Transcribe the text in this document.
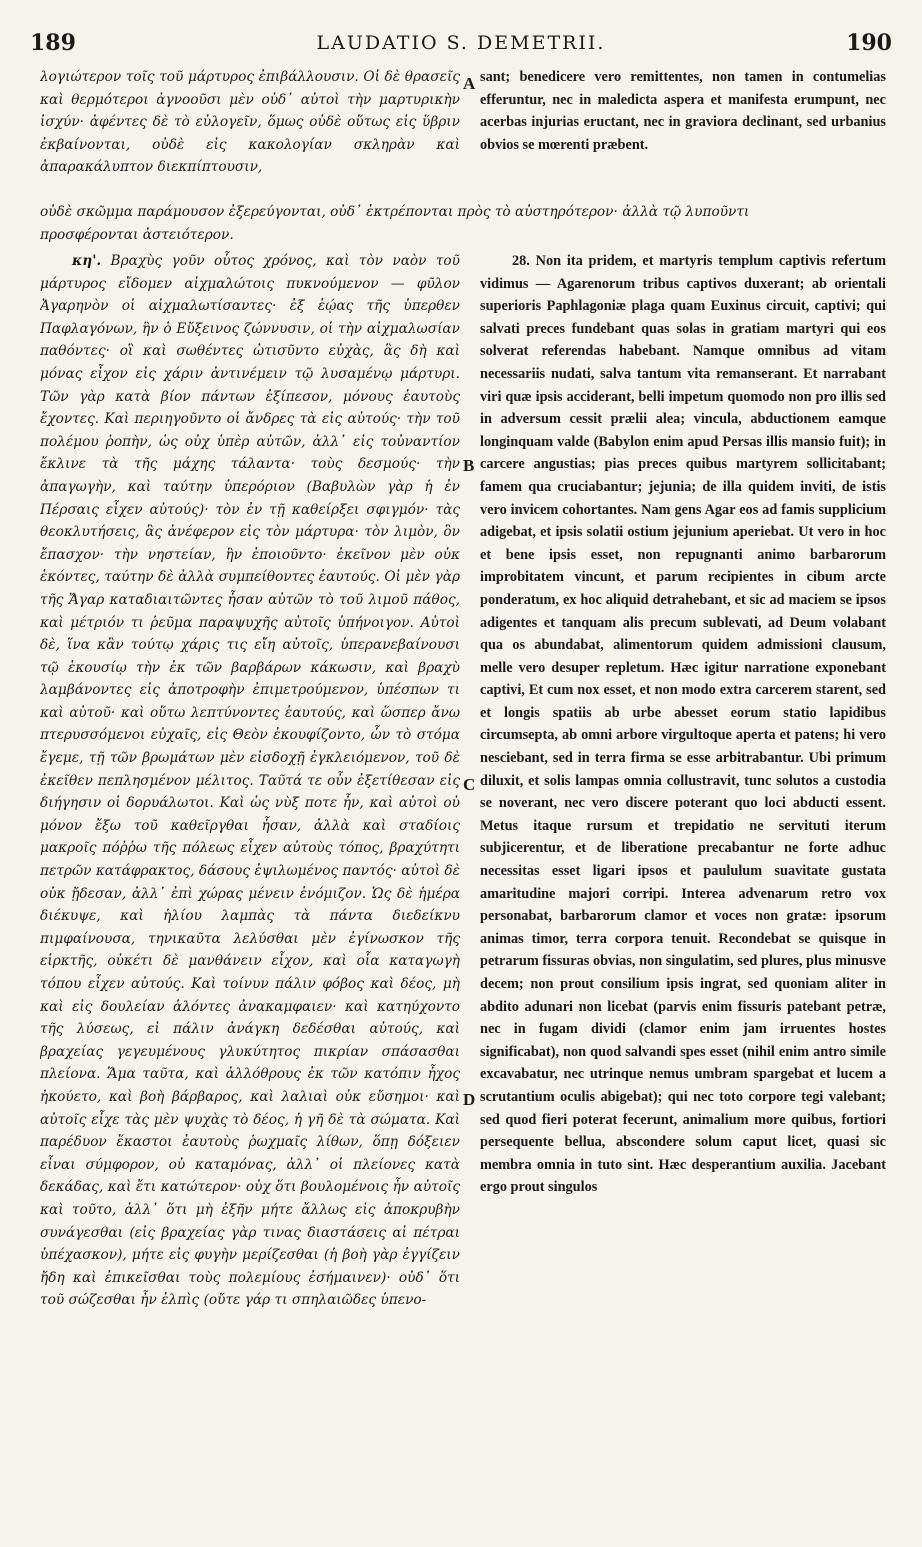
189	LAUDATIO S. DEMETRII.	190

λογιώτερον τοῖς τοῦ μάρτυρος ἐπιβάλλουσιν. Οἱ δὲ θρασεῖς καὶ θερμότεροι ἀγνοοῦσι μὲν οὐδ᾽ αὐτοὶ τὴν μαρτυρικὴν ἰσχύν· ἀφέντες δὲ τὸ εὐλογεῖν, ὅμως οὐδὲ οὕτως εἰς ὕβριν ἐκβαίνονται, οὐδὲ εἰς κακολογίαν σκληρὰν καὶ ἀπαρακάλυπτον διεκπίπτουσιν,

sant; benedicere vero remittentes, non tamen in contumelias efferuntur, nec in maledicta aspera et manifesta erumpunt, nec acerbas injurias eructant, nec in graviora declinant, sed urbanius obvios se mœrenti præbent.

οὐδὲ σκῶμμα παράμουσον ἐξερεύγονται, οὐδ᾽ ἐκτρέπονται πρὸς τὸ αὐστηρότερον· ἀλλὰ τῷ λυποῦντι
προσφέρονται ἀστειότερον.

κη'. Βραχὺς γοῦν οὗτος χρόνος, καὶ τὸν ναὸν τοῦ μάρτυρος εἴδομεν αἰχμαλώτοις πυκνούμενον — φῦλον Ἀγαρηνὸν οἱ αἰχμαλωτίσαντες· ἐξ ἑῴας τῆς ὑπερθεν Παφλαγόνων, ἣν ὁ Εὔξεινος ζώννυσιν, οἱ τὴν αἰχμαλωσίαν παθόντες· οἳ καὶ σωθέντες ὠτισῦντο εὐχὰς, ἃς δὴ καὶ μόνας εἶχον εἰς χάριν ἀντινέμειν τῷ λυσαμένῳ μάρτυρι. Τῶν γὰρ κατὰ βίον πάντων ἐξίπεσον, μόνους ἑαυτοὺς ἔχοντες. Καὶ περιηγοῦντο οἱ ἄνδρες τὰ εἰς αὐτούς· τὴν τοῦ πολέμου ῥοπὴν, ὡς οὐχ ὑπὲρ αὐτῶν, ἀλλ᾽ εἰς τοὐναντίον ἔκλινε τὰ τῆς μάχης τάλαντα· τοὺς δεσμούς· τὴν ἀπαγωγὴν, καὶ ταύτην ὑπερόριον (Βαβυλὼν γὰρ ἡ ἐν Πέρσαις εἶχεν αὐτούς)· τὸν ἐν τῇ καθείρξει σφιγμόν· τὰς θεοκλυτήσεις, ἃς ἀνέφερον εἰς τὸν μάρτυρα· τὸν λιμὸν, ὃν ἔπασχον· τὴν νηστείαν, ἣν ἐποιοῦντο· ἐκεῖνον μὲν οὐκ ἑκόντες, ταύτην δὲ ἀλλὰ συμπείθοντες ἑαυτούς. Οἱ μὲν γὰρ τῆς Ἄγαρ καταδιαιτῶντες ἦσαν αὐτῶν τὸ τοῦ λιμοῦ πάθος, καὶ μέτριόν τι ῥεῦμα παραψυχῆς αὐτοῖς ὑπήνοιγον. Αὐτοὶ δὲ, ἵνα κἂν τούτῳ χάρις τις εἴη αὐτοῖς, ὑπερανεβαίνουσι τῷ ἑκουσίῳ τὴν ἐκ τῶν βαρβάρων κάκωσιν, καὶ βραχὺ λαμβάνοντες εἰς ἀποτροφὴν ἐπιμετρούμενον, ὑπέσπων τι καὶ αὐτοῦ· καὶ οὕτω λεπτύνοντες ἑαυτούς, καὶ ὥσπερ ἄνω πτερυσσόμενοι εὐχαῖς, εἰς Θεὸν ἐκουφίζοντο, ὧν τὸ στόμα ἔγεμε, τῇ τῶν βρωμάτων μὲν εἰσδοχῇ ἐγκλειόμενον, τοῦ δὲ ἐκεῖθεν πεπλησμένον μέλιτος. Ταῦτά τε οὖν ἐξετίθεσαν εἰς διήγησιν οἱ δορυάλωτοι. Καὶ ὡς νὺξ ποτε ἦν, καὶ αὐτοὶ οὐ μόνον ἔξω τοῦ καθεῖργθαι ἦσαν, ἀλλὰ καὶ σταδίοις μακροῖς πόῤῥω τῆς πόλεως εἶχεν αὐτοὺς τόπος, βραχύτητι πετρῶν κατάφρακτος, δάσους ἐψιλωμένος παντός· αὐτοὶ δὲ οὐκ ᾔδεσαν, ἀλλ᾽ ἐπὶ χώρας μένειν ἐνόμιζον. Ὡς δὲ ἡμέρα διέκυψε, καὶ ἡλίου λαμπὰς τὰ πάντα διεδείκνυ πιμφαίνουσα, τηνικαῦτα λελύσθαι μὲν ἐγίνωσκον τῆς εἱρκτῆς, οὐκέτι δὲ μανθάνειν εἶχον, καὶ οἷα καταγωγὴ τόπου εἶχεν αὐτούς. Καὶ τοίνυν πάλιν φόβος καὶ δέος, μὴ καὶ εἰς δουλείαν ἁλόντες ἀνακαμφαιεν· καὶ κατηύχοντο τῆς λύσεως, εἰ πάλιν ἀνάγκη δεδέσθαι αὐτούς, καὶ βραχείας γεγευμένους γλυκύτητος πικρίαν σπάσασθαι πλείονα. Ἅμα ταῦτα, καὶ ἀλλόθρους ἐκ τῶν κατόπιν ἦχος ἠκούετο, καὶ βοὴ βάρβαρος, καὶ λαλιαὶ οὐκ εὔσημοι· καὶ αὐτοῖς εἶχε τὰς μὲν ψυχὰς τὸ δέος, ἡ γῆ δὲ τὰ σώματα. Καὶ παρέδυον ἕκαστοι ἑαυτοὺς ῥωχμαῖς λίθων, ὅπῃ δόξειεν εἶναι σύμφορον, οὐ καταμόνας, ἀλλ᾽ οἱ πλείονες κατὰ δεκάδας, καὶ ἔτι κατώτερον· οὐχ ὅτι βουλομένοις ἦν αὐτοῖς καὶ τοῦτο, ἀλλ᾽ ὅτι μὴ ἐξῆν μήτε ἄλλως εἰς ἀποκρυβὴν συνάγεσθαι (εἰς βραχείας γὰρ τινας διαστάσεις αἱ πέτραι ὑπέχασκον), μήτε εἰς φυγὴν μερίζεσθαι (ἡ βοὴ γὰρ ἐγγίζειν ἤδη καὶ ἐπικεῖσθαι τοὺς πολεμίους ἐσήμαινεν)· οὐδ᾽ ὅτι τοῦ σώζεσθαι ἦν ἐλπὶς (οὔτε γάρ τι σπηλαιῶδες ὑπενο-

28. Non ita pridem, et martyris templum captivis refertum vidimus — Agarenorum tribus captivos duxerant; ab orientali superioris Paphlagoniæ plaga quam Euxinus circuit, captivi; qui salvati preces fundebant quas solas in gratiam martyri qui eos solverat referendas habebant. Namque omnibus ad vitam necessariis nudati, salva tantum vita remanserant. Et narrabant viri quæ ipsis acciderant, belli impetum quomodo non pro illis sed in adversum cessit prælii alea; vincula, abductionem eamque longinquam valde (Babylon enim apud Persas illis mansio fuit); in carcere angustias; pias preces quibus martyrem sollicitabant; famem qua cruciabantur; jejunia; de illa quidem inviti, de istis vero invicem cohortantes. Nam gens Agar eos ad famis supplicium adigebat, et ipsis solatii ostium jejunium aperiebat. Ut vero in hoc et bene ipsis esset, non repugnanti animo barbarorum improbitatem vincunt, et parum recipientes in cibum arcte ponderatum, ex hoc aliquid detrahebant, et sic ad maciem se ipsos adigentes et tanquam alis precum sublevati, ad Deum volabant qua os abundabat, alimentorum quidem admissioni clausum, melle vero desuper repletum. Hæc igitur narratione exponebant captivi, Et cum nox esset, et non modo extra carcerem starent, sed et longis spatiis ab urbe abesset eorum statio lapidibus circumsepta, ab omni arbore virgultoque aperta et patens; hi vero nesciebant, sed in terra firma se esse arbitrabantur. Ubi primum diluxit, et solis lampas omnia collustravit, tunc solutos a custodia se noverant, nec vero discere poterant quo loci abducti essent. Metus itaque rursum et trepidatio ne servituti iterum subjicerentur, et de liberatione precabantur ne forte adhuc necessitas esset ligari ipsos et paululum suavitate gustata amaritudine majori corripi. Interea advenarum retro vox personabat, barbarorum clamor et voces non gratæ: ipsorum animas timor, terra corpora tenuit. Recondebat se quisque in petrarum fissuras obvias, non singulatim, sed plures, plus minusve decem; non prout consilium ipsis ingrat, sed quoniam aliter in abdito adunari non licebat (parvis enim fissuris patebant petræ, nec in fugam dividi (clamor enim jam irruentes hostes significabat), non quod salvandi spes esset (nihil enim antro simile excavabatur, nec utrinque nemus umbram spargebat et lucem a scrutantium oculis abigebat); qui nec toto corpore tegi valebant; sed quod fieri poterat fecerunt, animalium more quibus, fortiori persequente bellua, abscondere solum caput licet, quasi sic membra omnia in tuto sint. Hæc desperantium auxilia. Jacebant ergo prout singulos

A
B
C
D
